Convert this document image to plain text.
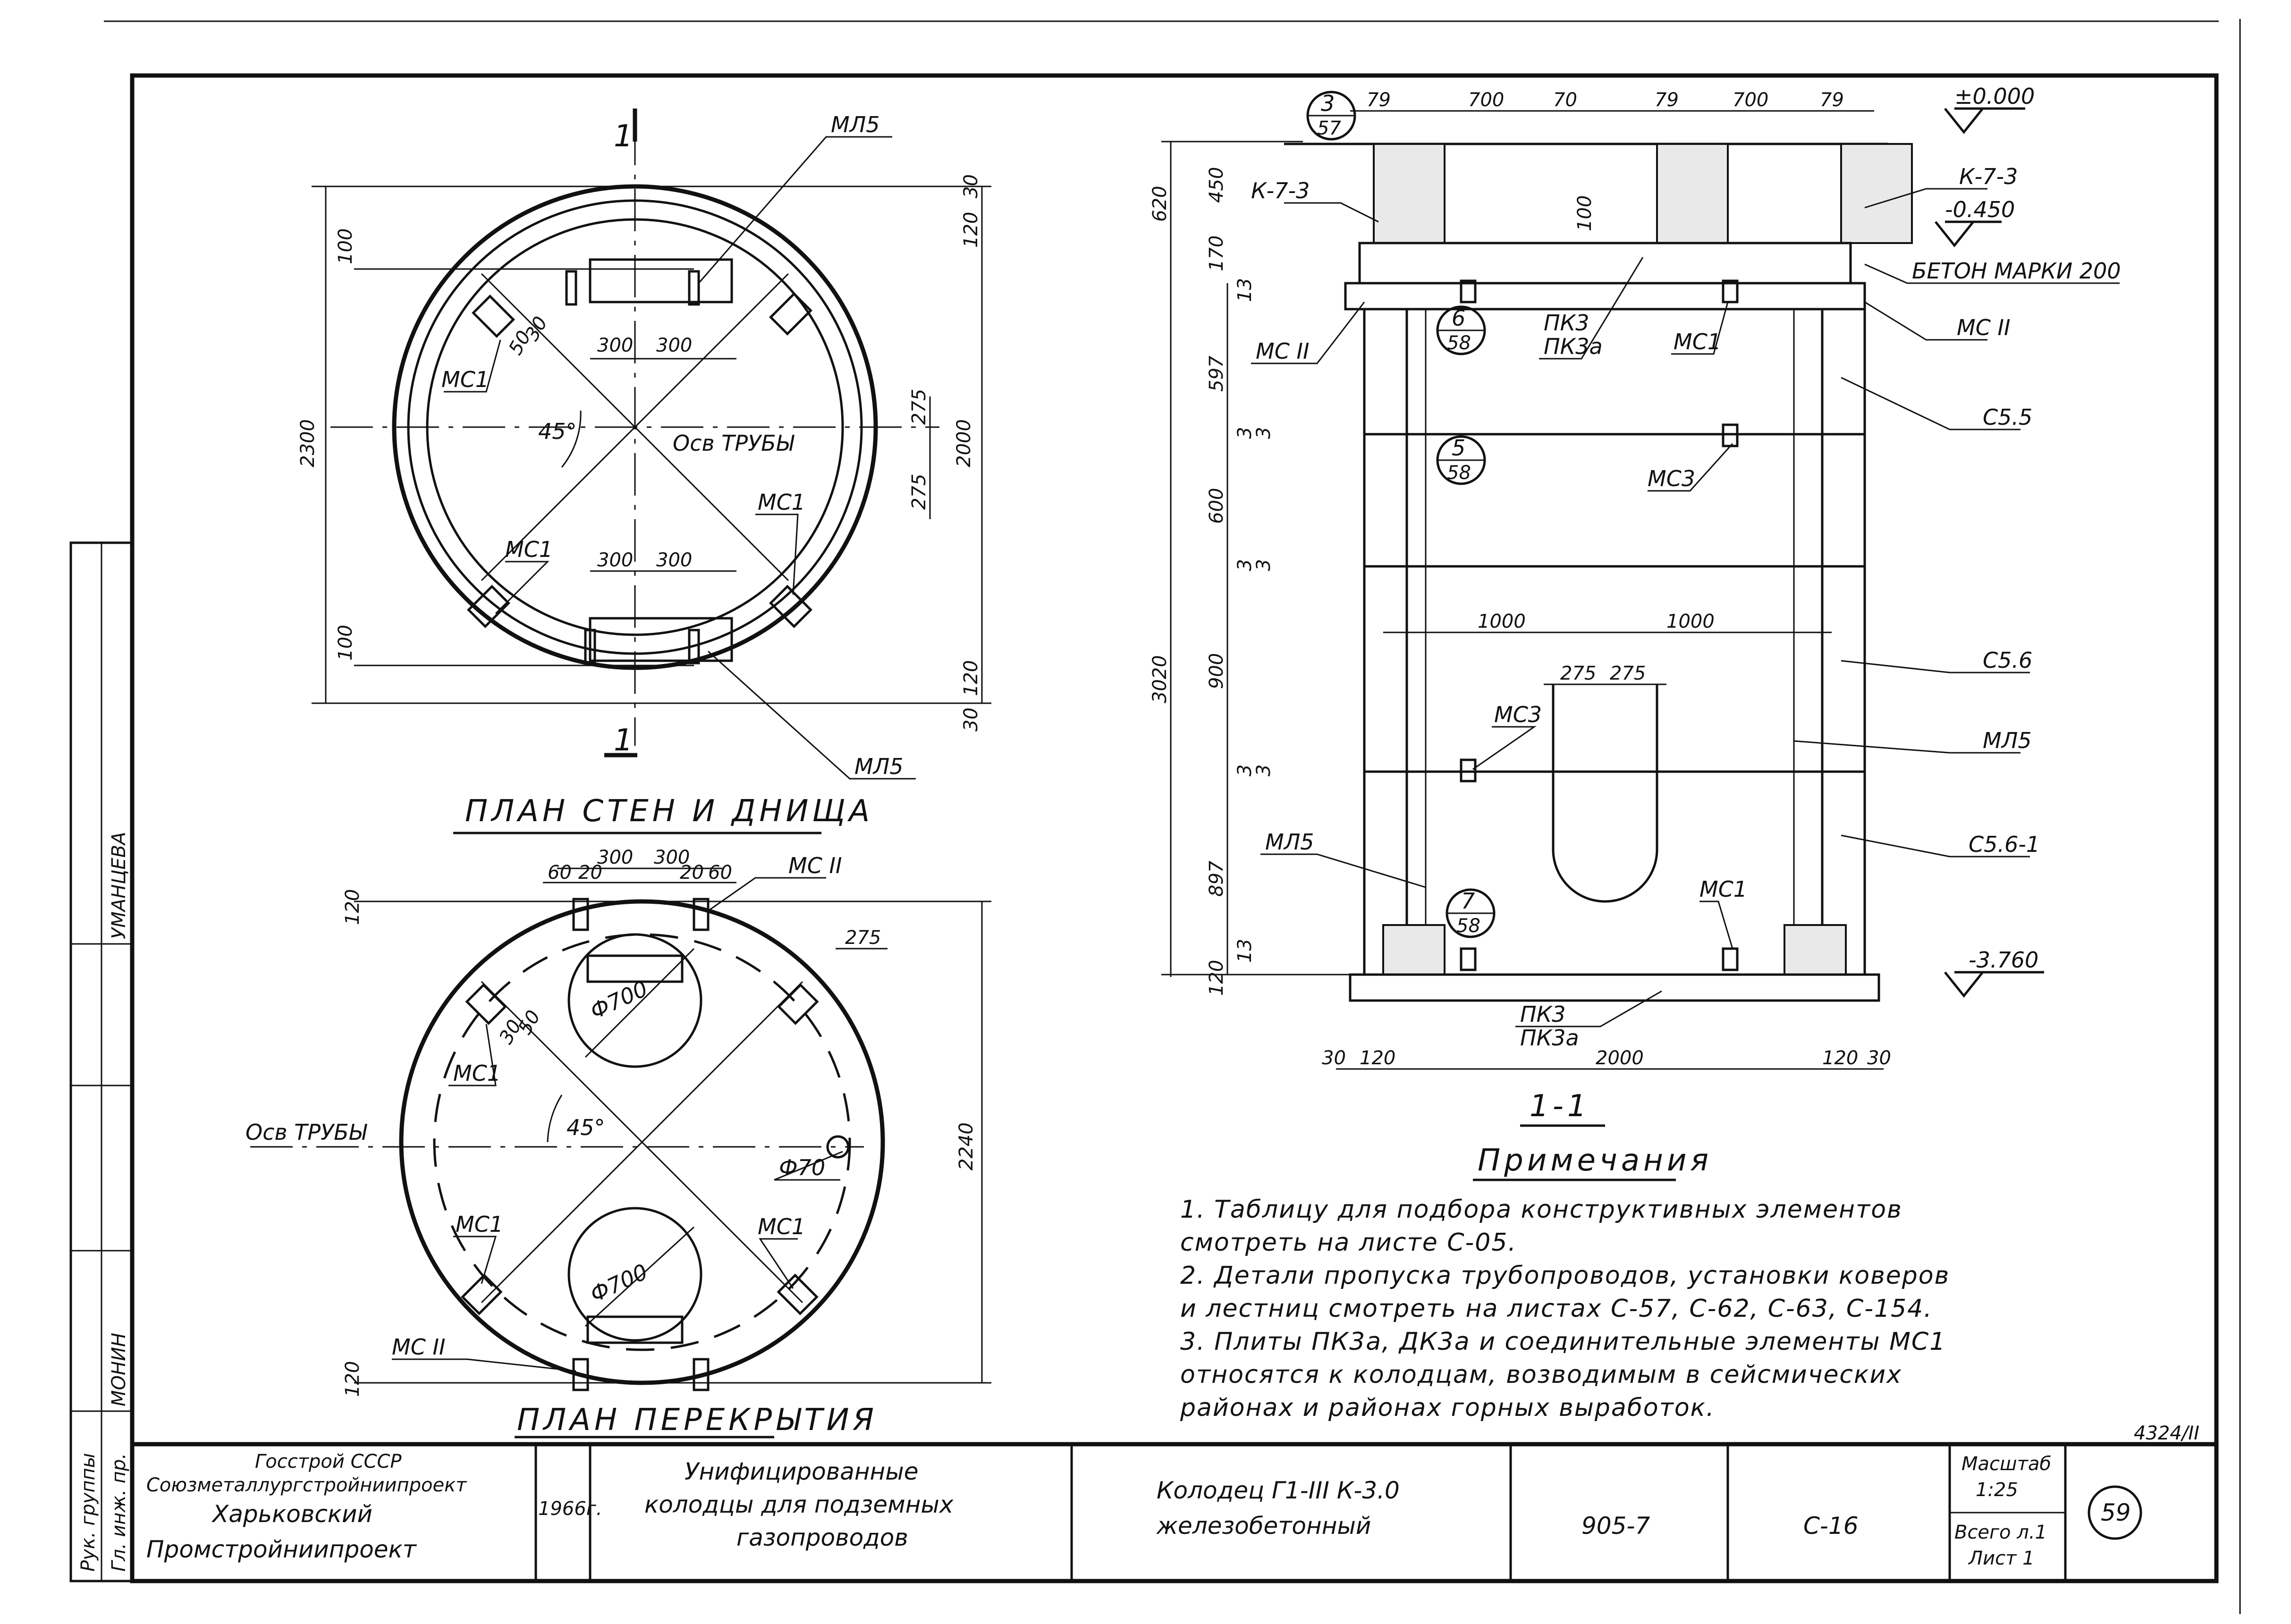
1
1
МЛ5
МЛ5
МС1
МС1
МС1
Осв ТРУБЫ
45°
2300	2000
100
100
30
30
120
120
275
275
300 300
300 300
50
30
ПЛАН СТЕН И ДНИЩА
МС II
МС II
МС1
МС1	МС1
Осв ТРУБЫ	45°
Ф700
Ф700
Ф70
300 300
60	60
20	20
120
120
275
2240
50
30
ПЛАН ПЕРЕКРЫТИЯ
3
57
6
58
5
58
7
58
К-7-3
К-7-3
БЕТОН МАРКИ 200
МС II
МС II
ПК3
ПК3а	МС1
МС3
МС3
МС1
С5.5
С5.6
МЛ5
С5.6-1
МЛ5
ПК3
ПК3а
±0.000
-0.450
-3.760
79	700	70	79	700	79
620
450
170
3020
597
600
900
897
3
3
3
3
3
3
13
13
120
1000	1000
275 275
100
2000
30 120	120 30
1-1
Примечания
1. Таблицу для подбора конструктивных элементов
смотреть на листе С-05.
2. Детали пропуска трубопроводов, установки коверов
и лестниц смотреть на листах С-57, С-62, С-63, С-154.
3. Плиты ПК3а, ДК3а и соединительные элементы МС1
относятся к колодцам, возводимым в сейсмических
районах и районах горных выработок.
Рук. группы Гл. инж. пр.
МОНИН
УМАНЦЕВА
Госстрой СССР
Союзметаллургстройниипроект
Харьковский
Промстройниипроект
1966г.
Унифицированные
колодцы для подземных
газопроводов
Колодец Г1-III К-3.0
железобетонный	905-7	С-16
Масштаб
1:25
Всего л.1
Лист 1
59
4324/II
